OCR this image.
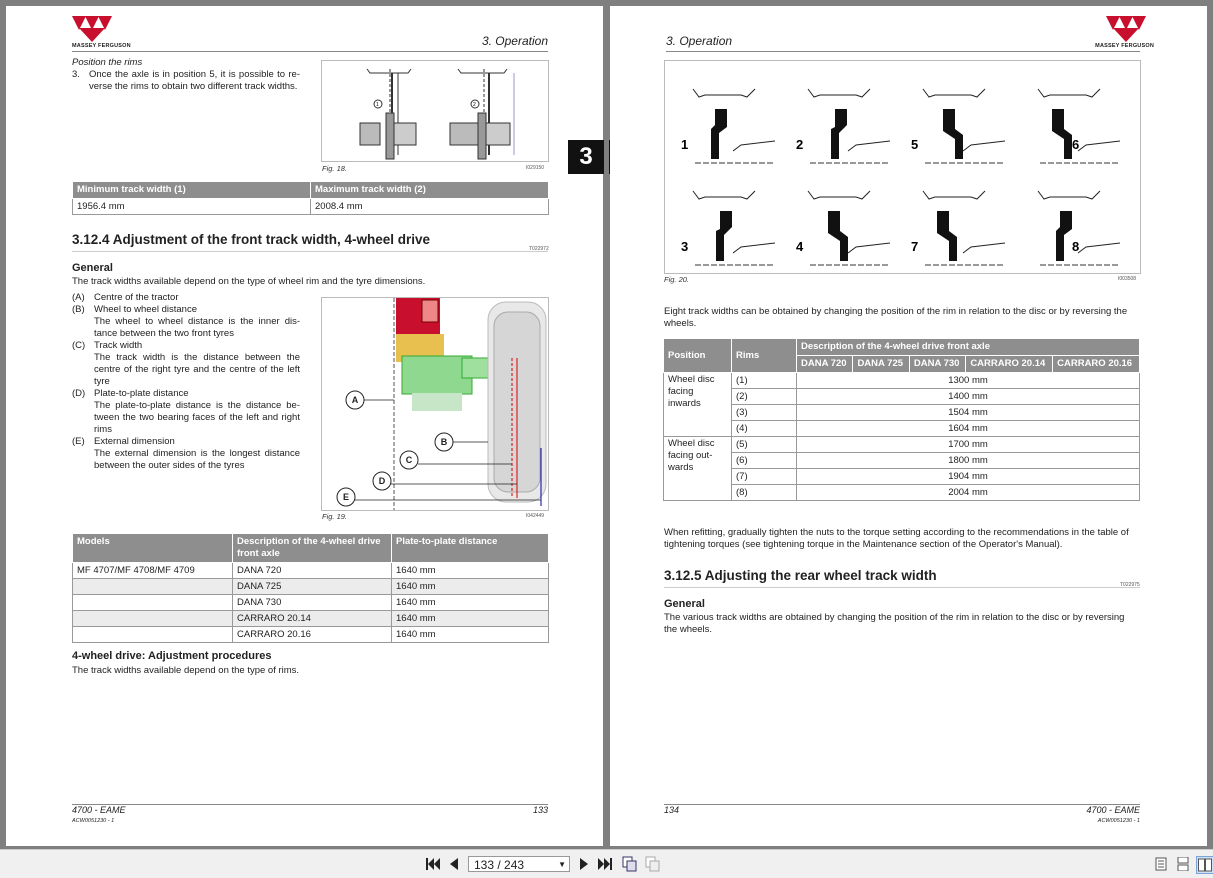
MASSEY FERGUSON	3. Operation
Position the rims
3. Once the axle is in position 5, it is possible to re-verse the rims to obtain two different track widths.
1	2
Fig. 18.	I029150
Minimum track width (1)	Maximum track width (2)
1956.4 mm	2008.4 mm
3.12.4 Adjustment of the front track width, 4-wheel drive
T022972
General
The track widths available depend on the type of wheel rim and the tyre dimensions.
(A) Centre of the tractor
(B) Wheel to wheel distance
The wheel to wheel distance is the inner dis-tance between the two front tyres
(C) Track width
The track width is the distance between the centre of the right tyre and the centre of the left tyre
(D) Plate-to-plate distance
The plate-to-plate distance is the distance be-tween the two bearing faces of the left and right rims
(E) External dimension
The external dimension is the longest distance between the outer sides of the tyres
A
B
C
D
E
Fig. 19.	I042449
Models	Description of the 4-wheel drive front axle	Plate-to-plate distance
MF 4707/MF 4708/MF 4709	DANA 720	1640 mm
	DANA 725	1640 mm
	DANA 730	1640 mm
	CARRARO 20.14	1640 mm
	CARRARO 20.16	1640 mm
4-wheel drive: Adjustment procedures
The track widths available depend on the type of rims.
4700 - EAME
ACW0051230 - 1
133
3
3. Operation	MASSEY FERGUSON
1	2	5	6
3	4	7	8
Fig. 20.	I003508
Eight track widths can be obtained by changing the position of the rim in relation to the disc or by reversing the wheels.
Position	Rims	Description of the 4-wheel drive front axle				
		DANA 720	DANA 725	DANA 730	CARRARO 20.14	CARRARO 20.16
Wheel disc facing inwards	(1)	1300 mm				
	(2)	1400 mm				
	(3)	1504 mm				
	(4)	1604 mm				
Wheel disc facing out-wards	(5)	1700 mm				
	(6)	1800 mm				
	(7)	1904 mm				
	(8)	2004 mm				
When refitting, gradually tighten the nuts to the torque setting according to the recommendations in the table of tightening torques (see tightening torque in the Maintenance section of the Operator's Manual).
3.12.5 Adjusting the rear wheel track width
T022975
General
The various track widths are obtained by changing the position of the rim in relation to the disc or by reversing the wheels.
134	4700 - EAME
ACW0051230 - 1
133 / 243	▼
